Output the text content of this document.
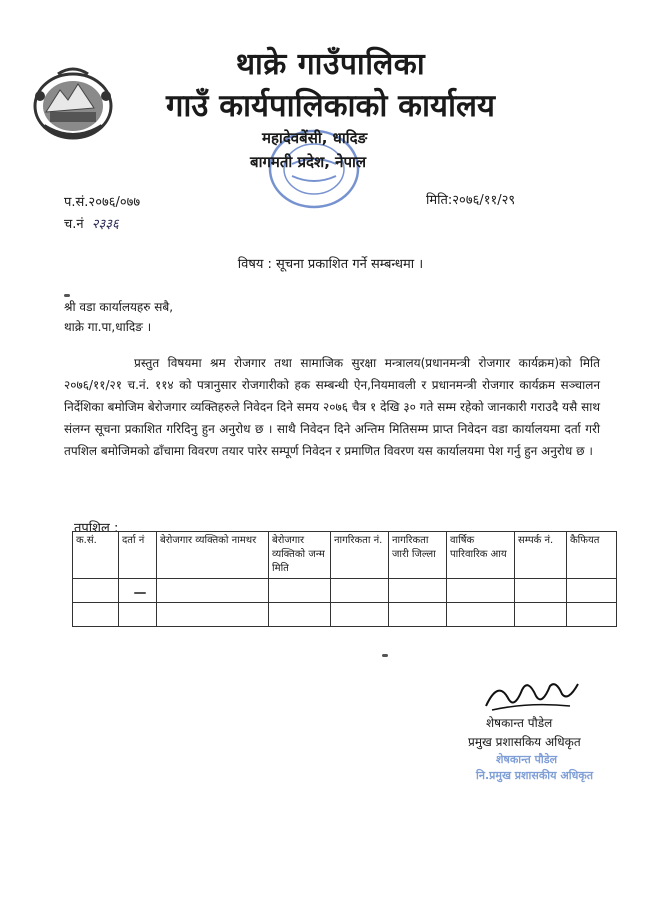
थाक्रे गाउँपालिका
गाउँ कार्यपालिकाको कार्यालय
महादेवबेंसी, धादिङ
बागमती प्रदेश, नेपाल
प.सं.२०७६/०७७
च.नं २३३६
मिति:२०७६/११/२९
विषय : सूचना प्रकाशित गर्ने सम्बन्धमा ।
श्री वडा कार्यालयहरु सबै,
थाक्रे गा.पा,धादिङ ।
प्रस्तुत विषयमा श्रम रोजगार तथा सामाजिक सुरक्षा मन्त्रालय(प्रधानमन्त्री रोजगार कार्यक्रम)को मिति २०७६/११/२१ च.नं. ११४ को पत्रानुसार रोजगारीको हक सम्बन्धी ऐन,नियमावली र प्रधानमन्त्री रोजगार कार्यक्रम सञ्चालन निर्देशिका बमोजिम बेरोजगार व्यक्तिहरुले निवेदन दिने समय २०७६ चैत्र १ देखि ३० गते सम्म रहेको जानकारी गराउदै यसै साथ संलग्न सूचना प्रकाशित गरिदिनु हुन अनुरोध छ । साथै निवेदन दिने अन्तिम मितिसम्म प्राप्त निवेदन वडा कार्यालयमा दर्ता गरी तपशिल बमोजिमको ढाँचामा विवरण तयार पारेर सम्पूर्ण निवेदन र प्रमाणित विवरण यस कार्यालयमा पेश गर्नु हुन अनुरोध छ ।
तपशिल :
क.सं.	दर्ता नं	बेरोजगार व्यक्तिको नामथर	बेरोजगार व्यक्तिको जन्म मिति	नागरिकता नं.	नागरिकता जारी जिल्ला	वार्षिक पारिवारिक आय	सम्पर्क नं.	कैफियत

शेषकान्त पौडेल
प्रमुख प्रशासकिय अधिकृत
शेषकान्त पौडेल
नि.प्रमुख प्रशासकीय अधिकृत
